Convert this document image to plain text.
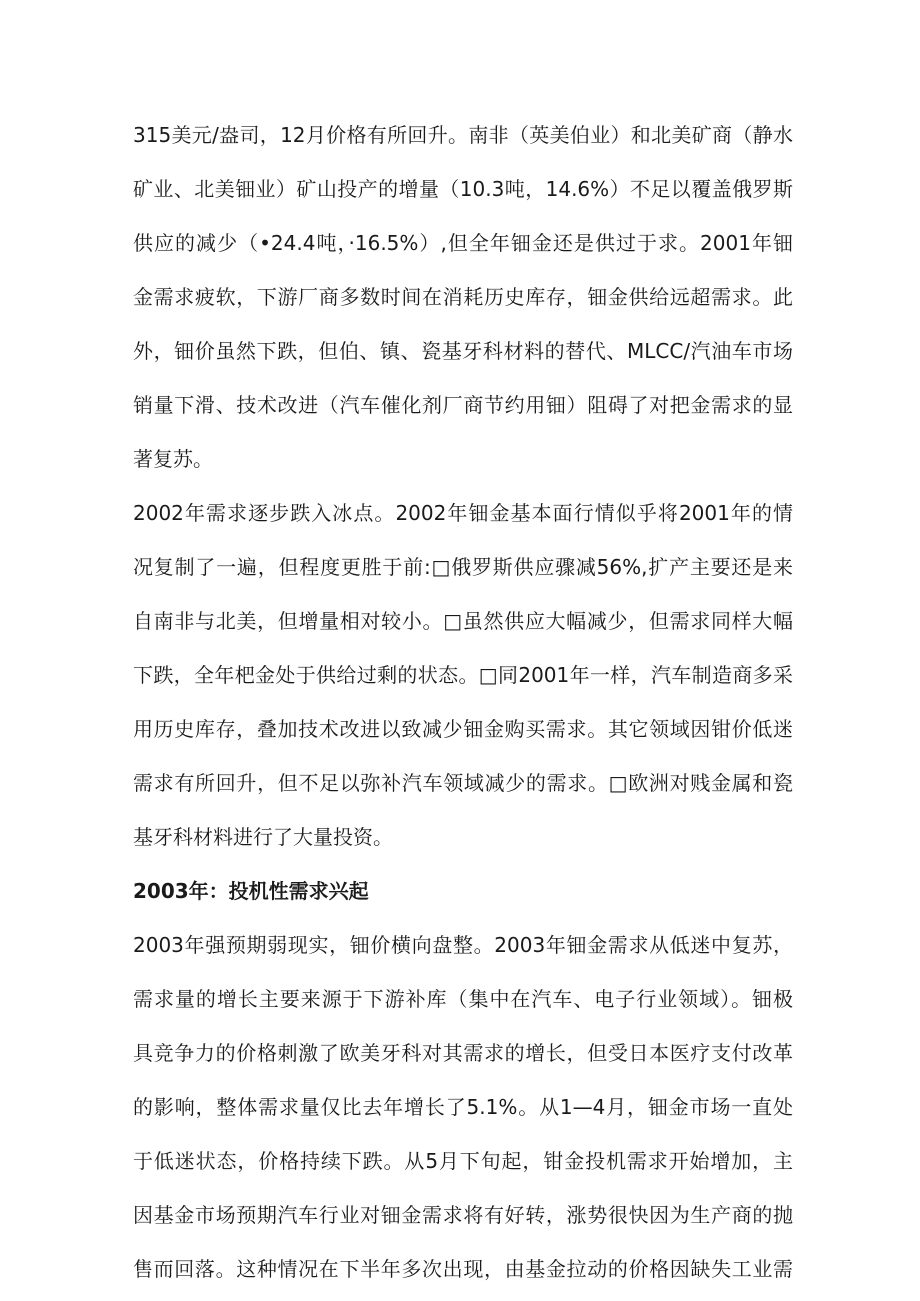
315美元/盎司，12月价格有所回升。南非（英美伯业）和北美矿商（静水
矿业、北美钿业）矿山投产的增量（10.3吨，14.6%）不足以覆盖俄罗斯
供应的减少（•24.4吨，·16.5%）,但全年钿金还是供过于求。2001年钿
金需求疲软，下游厂商多数时间在消耗历史库存，钿金供给远超需求。此
外，钿价虽然下跌，但伯、镇、瓷基牙科材料的替代、MLCC/汽油车市场
销量下滑、技术改进（汽车催化剂厂商节约用钿）阻碍了对把金需求的显
著复苏。
2002年需求逐步跌入冰点。2002年钿金基本面行情似乎将2001年的情
况复制了一遍，但程度更胜于前:□俄罗斯供应骤减56%,扩产主要还是来
自南非与北美，但增量相对较小。□虽然供应大幅减少，但需求同样大幅
下跌，全年杷金处于供给过剩的状态。□同2001年一样，汽车制造商多采
用历史库存，叠加技术改进以致减少钿金购买需求。其它领域因钳价低迷
需求有所回升，但不足以弥补汽车领域减少的需求。□欧洲对贱金属和瓷
基牙科材料进行了大量投资。
2003年：投机性需求兴起
2003年强预期弱现实，钿价横向盘整。2003年钿金需求从低迷中复苏，
需求量的增长主要来源于下游补库（集中在汽车、电子行业领域）。钿极
具竞争力的价格刺激了欧美牙科对其需求的增长，但受日本医疗支付改革
的影响，整体需求量仅比去年增长了5.1%。从1—4月，钿金市场一直处
于低迷状态，价格持续下跌。从5月下旬起，钳金投机需求开始增加，主
因基金市场预期汽车行业对钿金需求将有好转，涨势很快因为生产商的抛
售而回落。这种情况在下半年多次出现，由基金拉动的价格因缺失工业需
